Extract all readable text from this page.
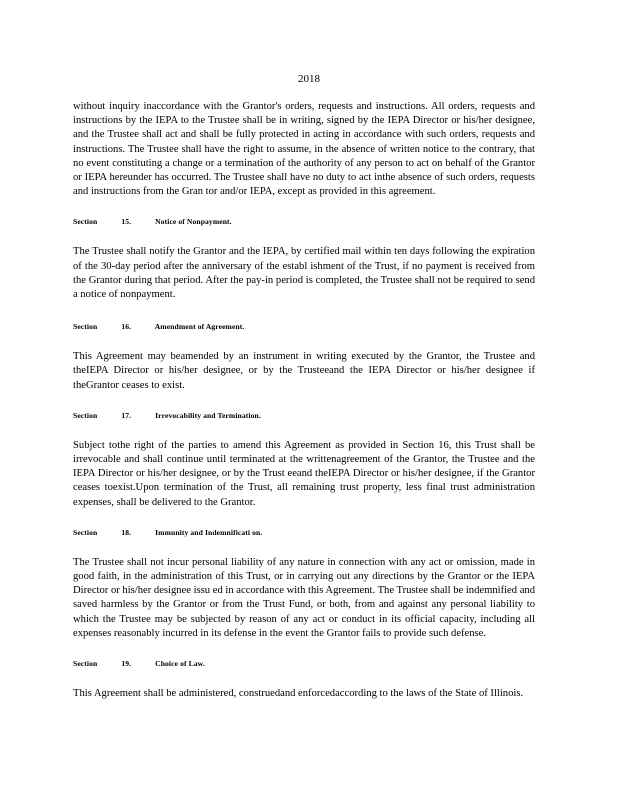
2018

without inquiry inaccordance with the Grantor's orders, requests and instructions. All orders, requests and instructions by the IEPA to the Trustee shall be in writing, signed by the IEPA Director or his/her designee, and the Trustee shall act and shall be fully protected in acting in accordance with such orders, requests and instructions. The Trustee shall have the right to assume, in the absence of written notice to the contrary, that no event constituting a change or a termination of the authority of any person to act on behalf of the Grantor or IEPA hereunder has occurred. The Trustee shall have no duty to act inthe absence of such orders, requests and instructions from the Gran tor and/or IEPA, except as provided in this agreement.

Section	15.	Notice of Nonpayment.

The Trustee shall notify the Grantor and the IEPA, by certified mail within ten days following the expiration of the 30-day period after the anniversary of the establ ishment of the Trust, if no payment is received from the Grantor during that period. After the pay-in period is completed, the Trustee shall not be required to send a notice of nonpayment.

Section	16.	Amendment of Agreement.

This Agreement may beamended by an instrument in writing executed by the Grantor, the Trustee and theIEPA Director or his/her designee, or by the Trusteeand the IEPA Director or his/her designee if theGrantor ceases to exist.

Section	17.	Irrevocability and Termination.

Subject tothe right of the parties to amend this Agreement as provided in Section 16, this Trust shall be irrevocable and shall continue until terminated at the writtenagreement of the Grantor, the Trustee and the IEPA Director or his/her designee, or by the Trust eeand theIEPA Director or his/her designee, if the Grantor ceases toexist.Upon termination of the Trust, all remaining trust property, less final trust administration expenses, shall be delivered to the Grantor.

Section	18.	Immunity and Indemnificati on.

The Trustee shall not incur personal liability of any nature in connection with any act or omission, made in good faith, in the administration of this Trust, or in carrying out any directions by the Grantor or the IEPA Director or his/her designee issu ed in accordance with this Agreement. The Trustee shall be indemnified and saved harmless by the Grantor or from the Trust Fund, or both, from and against any personal liability to which the Trustee may be subjected by reason of any act or conduct in its official capacity, including all expenses reasonably incurred in its defense in the event the Grantor fails to provide such defense.

Section	19.	Choice of Law.

This Agreement shall be administered, construedand enforcedaccording to the laws of the State of Illinois.
